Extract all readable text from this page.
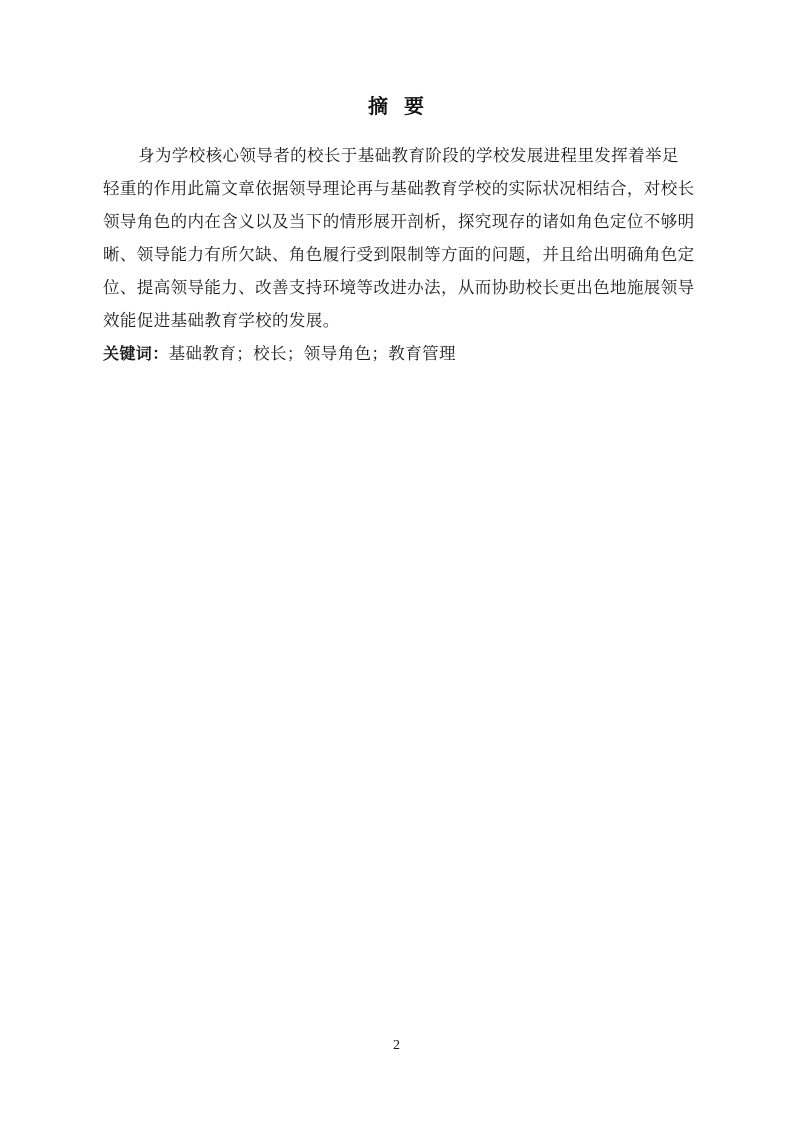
摘 要
身为学校核心领导者的校长于基础教育阶段的学校发展进程里发挥着举足
轻重的作用此篇文章依据领导理论再与基础教育学校的实际状况相结合，对校长
领导角色的内在含义以及当下的情形展开剖析，探究现存的诸如角色定位不够明
晰、领导能力有所欠缺、角色履行受到限制等方面的问题，并且给出明确角色定
位、提高领导能力、改善支持环境等改进办法，从而协助校长更出色地施展领导
效能促进基础教育学校的发展。
关键词：基础教育；校长；领导角色；教育管理
2
